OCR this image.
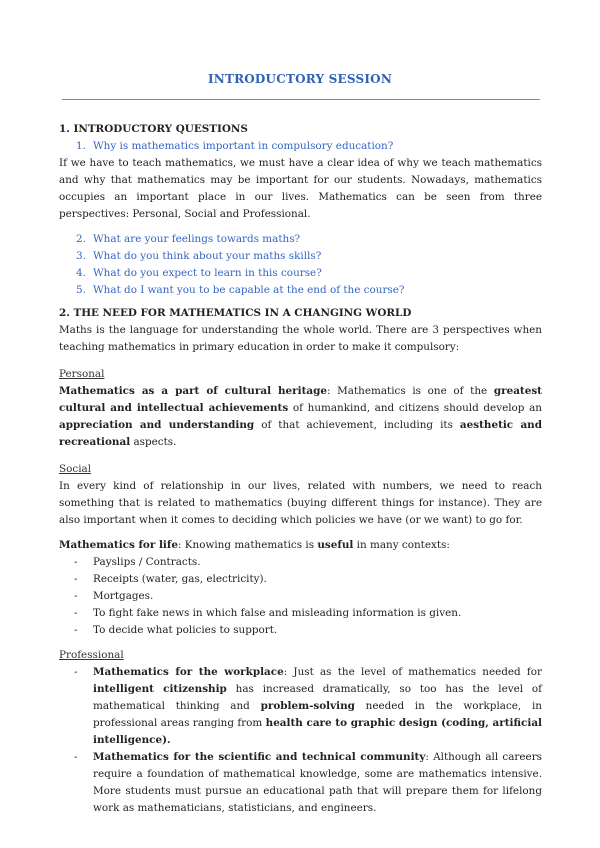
INTRODUCTORY SESSION
1. INTRODUCTORY QUESTIONS
1. Why is mathematics important in compulsory education?

If we have to teach mathematics, we must have a clear idea of why we teach mathematics and why that mathematics may be important for our students. Nowadays, mathematics occupies an important place in our lives. Mathematics can be seen from three perspectives: Personal, Social and Professional.

2. What are your feelings towards maths?
3. What do you think about your maths skills?
4. What do you expect to learn in this course?
5. What do I want you to be capable at the end of the course?
2. THE NEED FOR MATHEMATICS IN A CHANGING WORLD

Maths is the language for understanding the whole world. There are 3 perspectives when teaching mathematics in primary education in order to make it compulsory:

Personal

Mathematics as a part of cultural heritage: Mathematics is one of the greatest cultural and intellectual achievements of humankind, and citizens should develop an appreciation and understanding of that achievement, including its aesthetic and recreational aspects.

Social

In every kind of relationship in our lives, related with numbers, we need to reach something that is related to mathematics (buying different things for instance). They are also important when it comes to deciding which policies we have (or we want) to go for.

Mathematics for life: Knowing mathematics is useful in many contexts:

- Payslips / Contracts.
- Receipts (water, gas, electricity).
- Mortgages.
- To fight fake news in which false and misleading information is given.
- To decide what policies to support.
Professional
- Mathematics for the workplace: Just as the level of mathematics needed for intelligent citizenship has increased dramatically, so too has the level of mathematical thinking and problem-solving needed in the workplace, in professional areas ranging from health care to graphic design (coding, artificial intelligence).
- Mathematics for the scientific and technical community: Although all careers require a foundation of mathematical knowledge, some are mathematics intensive. More students must pursue an educational path that will prepare them for lifelong work as mathematicians, statisticians, and engineers.
